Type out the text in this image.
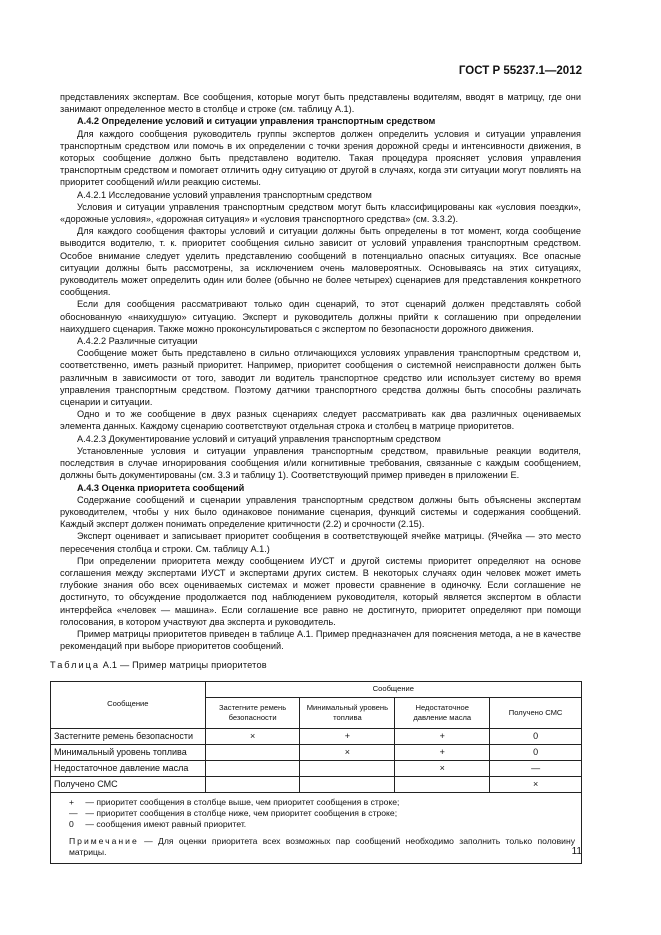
ГОСТ Р 55237.1—2012

представлениях экспертам. Все сообщения, которые могут быть представлены водителям, вводят в матрицу, где они занимают определенное место в столбце и строке (см. таблицу А.1).

А.4.2 Определение условий и ситуации управления транспортным средством

Для каждого сообщения руководитель группы экспертов должен определить условия и ситуации управления транспортным средством или помочь в их определении с точки зрения дорожной среды и интенсивности движения, в которых сообщение должно быть представлено водителю. Такая процедура проясняет условия управления транспортным средством и помогает отличить одну ситуацию от другой в случаях, когда эти ситуации могут повлиять на приоритет сообщений и/или реакцию системы.

А.4.2.1 Исследование условий управления транспортным средством

Условия и ситуации управления транспортным средством могут быть классифицированы как «условия поездки», «дорожные условия», «дорожная ситуация» и «условия транспортного средства» (см. 3.3.2).

Для каждого сообщения факторы условий и ситуации должны быть определены в тот момент, когда сообщение выводится водителю, т. к. приоритет сообщения сильно зависит от условий управления транспортным средством. Особое внимание следует уделить представлению сообщений в потенциально опасных ситуациях. Все опасные ситуации должны быть рассмотрены, за исключением очень маловероятных. Основываясь на этих ситуациях, руководитель может определить один или более (обычно не более четырех) сценариев для представления конкретного сообщения.

Если для сообщения рассматривают только один сценарий, то этот сценарий должен представлять собой обоснованную «наихудшую» ситуацию. Эксперт и руководитель должны прийти к соглашению при определении наихудшего сценария. Также можно проконсультироваться с экспертом по безопасности дорожного движения.

А.4.2.2 Различные ситуации

Сообщение может быть представлено в сильно отличающихся условиях управления транспортным средством и, соответственно, иметь разный приоритет. Например, приоритет сообщения о системной неисправности должен быть различным в зависимости от того, заводит ли водитель транспортное средство или использует систему во время управления транспортным средством. Поэтому датчики транспортного средства должны быть способны различать сценарии и ситуации.

Одно и то же сообщение в двух разных сценариях следует рассматривать как два различных оцениваемых элемента данных. Каждому сценарию соответствуют отдельная строка и столбец в матрице приоритетов.

А.4.2.3 Документирование условий и ситуаций управления транспортным средством

Установленные условия и ситуации управления транспортным средством, правильные реакции водителя, последствия в случае игнорирования сообщения и/или когнитивные требования, связанные с каждым сообщением, должны быть документированы (см. 3.3 и таблицу 1). Соответствующий пример приведен в приложении Е.

А.4.3 Оценка приоритета сообщений

Содержание сообщений и сценарии управления транспортным средством должны быть объяснены экспертам руководителем, чтобы у них было одинаковое понимание сценария, функций системы и содержания сообщений. Каждый эксперт должен понимать определение критичности (2.2) и срочности (2.15).

Эксперт оценивает и записывает приоритет сообщения в соответствующей ячейке матрицы. (Ячейка — это место пересечения столбца и строки. См. таблицу А.1.)

При определении приоритета между сообщением ИУСТ и другой системы приоритет определяют на основе соглашения между экспертами ИУСТ и экспертами других систем. В некоторых случаях один человек может иметь глубокие знания обо всех оцениваемых системах и может провести сравнение в одиночку. Если соглашение не достигнуто, то обсуждение продолжается под наблюдением руководителя, который является экспертом в области интерфейса «человек — машина». Если соглашение все равно не достигнуто, приоритет определяют при помощи голосования, в котором участвуют два эксперта и руководитель.

Пример матрицы приоритетов приведен в таблице А.1. Пример предназначен для пояснения метода, а не в качестве рекомендаций при выборе приоритетов сообщений.

Таблица А.1 — Пример матрицы приоритетов

Сообщение	Сообщение			
	Застегните ремень безопасности	Минимальный уровень топлива	Недостаточное давление масла	Получено СМС
Застегните ремень безопасности	×	+	+	0
Минимальный уровень топлива		×	+	0
Недостаточное давление масла			×	—
Получено СМС				×

+ — приоритет сообщения в столбце выше, чем приоритет сообщения в строке;

— — приоритет сообщения в столбце ниже, чем приоритет сообщения в строке;

0 — сообщения имеют равный приоритет.

Примечание — Для оценки приоритета всех возможных пар сообщений необходимо заполнить только половину матрицы.					11
